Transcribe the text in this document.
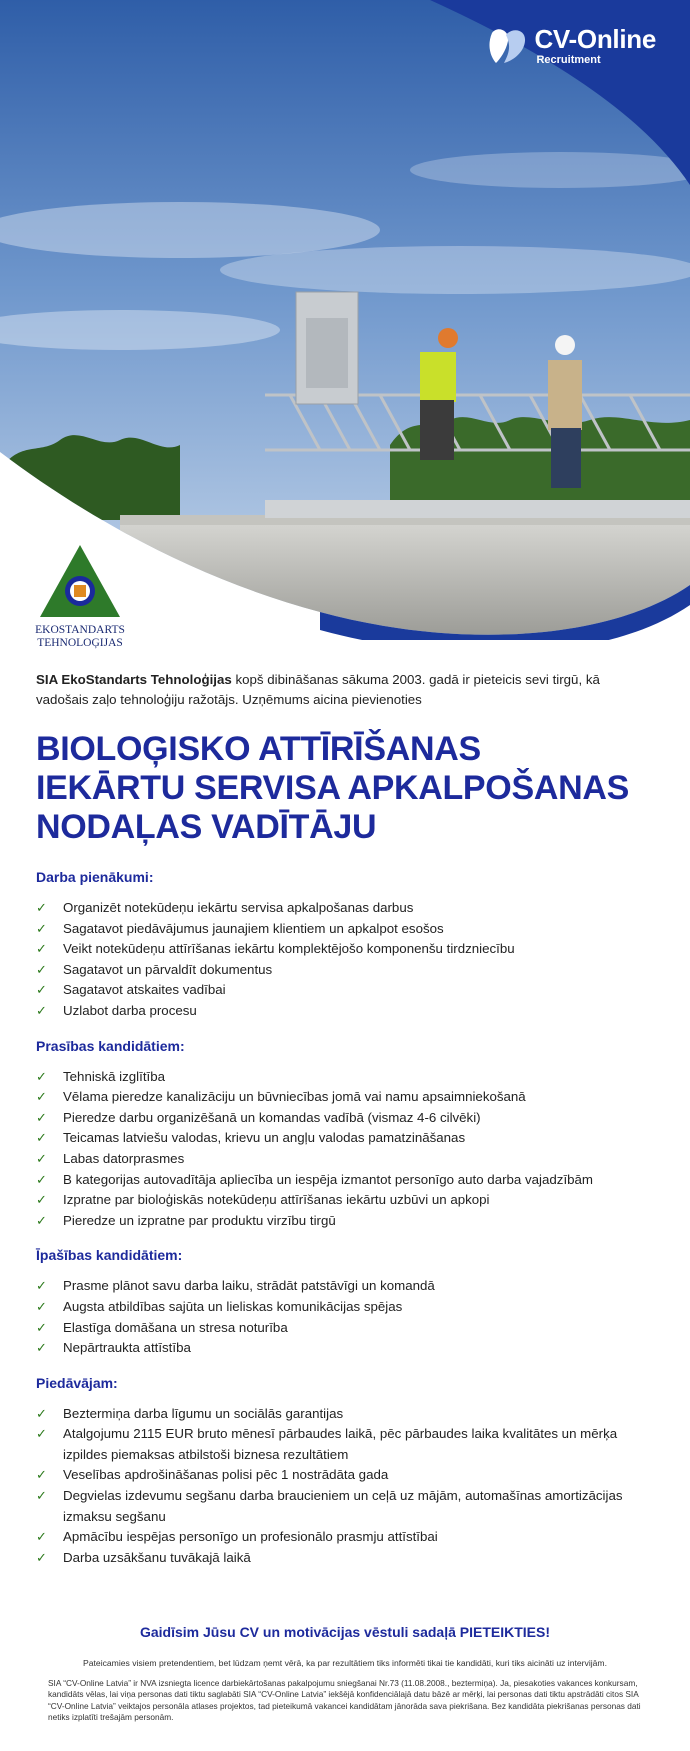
CV-Online
Recruitment
EKOSTANDARTS
TEHNOLOĢIJAS

SIA EkoStandarts Tehnoloģijas kopš dibināšanas sākuma 2003. gadā ir pieteicis sevi tirgū, kā vadošais zaļo tehnoloģiju ražotājs. Uzņēmums aicina pievienoties

BIOLOĢISKO ATTĪRĪŠANAS
IEKĀRTU SERVISA APKALPOŠANAS
NODAĻAS VADĪTĀJU
Darba pienākumi:
✓ Organizēt notekūdeņu iekārtu servisa apkalpošanas darbus
✓ Sagatavot piedāvājumus jaunajiem klientiem un apkalpot esošos
✓ Veikt notekūdeņu attīrīšanas iekārtu komplektējošo komponenšu tirdzniecību
✓ Sagatavot un pārvaldīt dokumentus
✓ Sagatavot atskaites vadībai
✓ Uzlabot darba procesu
Prasības kandidātiem:
✓ Tehniskā izglītība
✓ Vēlama pieredze kanalizāciju un būvniecības jomā vai namu apsaimniekošanā
✓ Pieredze darbu organizēšanā un komandas vadībā (vismaz 4-6 cilvēki)
✓ Teicamas latviešu valodas, krievu un angļu valodas pamatzināšanas
✓ Labas datorprasmes
✓ B kategorijas autovadītāja apliecība un iespēja izmantot personīgo auto darba vajadzībām
✓ Izpratne par bioloģiskās notekūdeņu attīrīšanas iekārtu uzbūvi un apkopi
✓ Pieredze un izpratne par produktu virzību tirgū
Īpašības kandidātiem:
✓ Prasme plānot savu darba laiku, strādāt patstāvīgi un komandā
✓ Augsta atbildības sajūta un lieliskas komunikācijas spējas
✓ Elastīga domāšana un stresa noturība
✓ Nepārtraukta attīstība
Piedāvājam:
✓ Beztermiņa darba līgumu un sociālās garantijas
✓ Atalgojumu 2115 EUR bruto mēnesī pārbaudes laikā, pēc pārbaudes laika kvalitātes un mērķa izpildes piemaksas atbilstoši biznesa rezultātiem
✓ Veselības apdrošināšanas polisi pēc 1 nostrādāta gada
✓ Degvielas izdevumu segšanu darba braucieniem un ceļā uz mājām, automašīnas amortizācijas izmaksu segšanu
✓ Apmācību iespējas personīgo un profesionālo prasmju attīstībai
✓ Darba uzsākšanu tuvākajā laikā
Gaidīsim Jūsu CV un motivācijas vēstuli sadaļā PIETEIKTIES!
Pateicamies visiem pretendentiem, bet lūdzam ņemt vērā, ka par rezultātiem tiks informēti tikai tie kandidāti, kuri tiks aicināti uz intervijām.
SIA “CV-Online Latvia” ir NVA izsniegta licence darbiekārtošanas pakalpojumu sniegšanai Nr.73 (11.08.2008., beztermiņa). Ja, piesakoties vakances konkursam, kandidāts vēlas, lai viņa personas dati tiktu saglabāti SIA “CV-Online Latvia” iekšējā konfidenciālajā datu bāzē ar mērķi, lai personas dati tiktu apstrādāti citos SIA “CV-Online Latvia” veiktajos personāla atlases projektos, tad pieteikumā vakancei kandidātam jānorāda sava piekrišana. Bez kandidāta piekrišanas personas dati netiks izplatīti trešajām personām.
